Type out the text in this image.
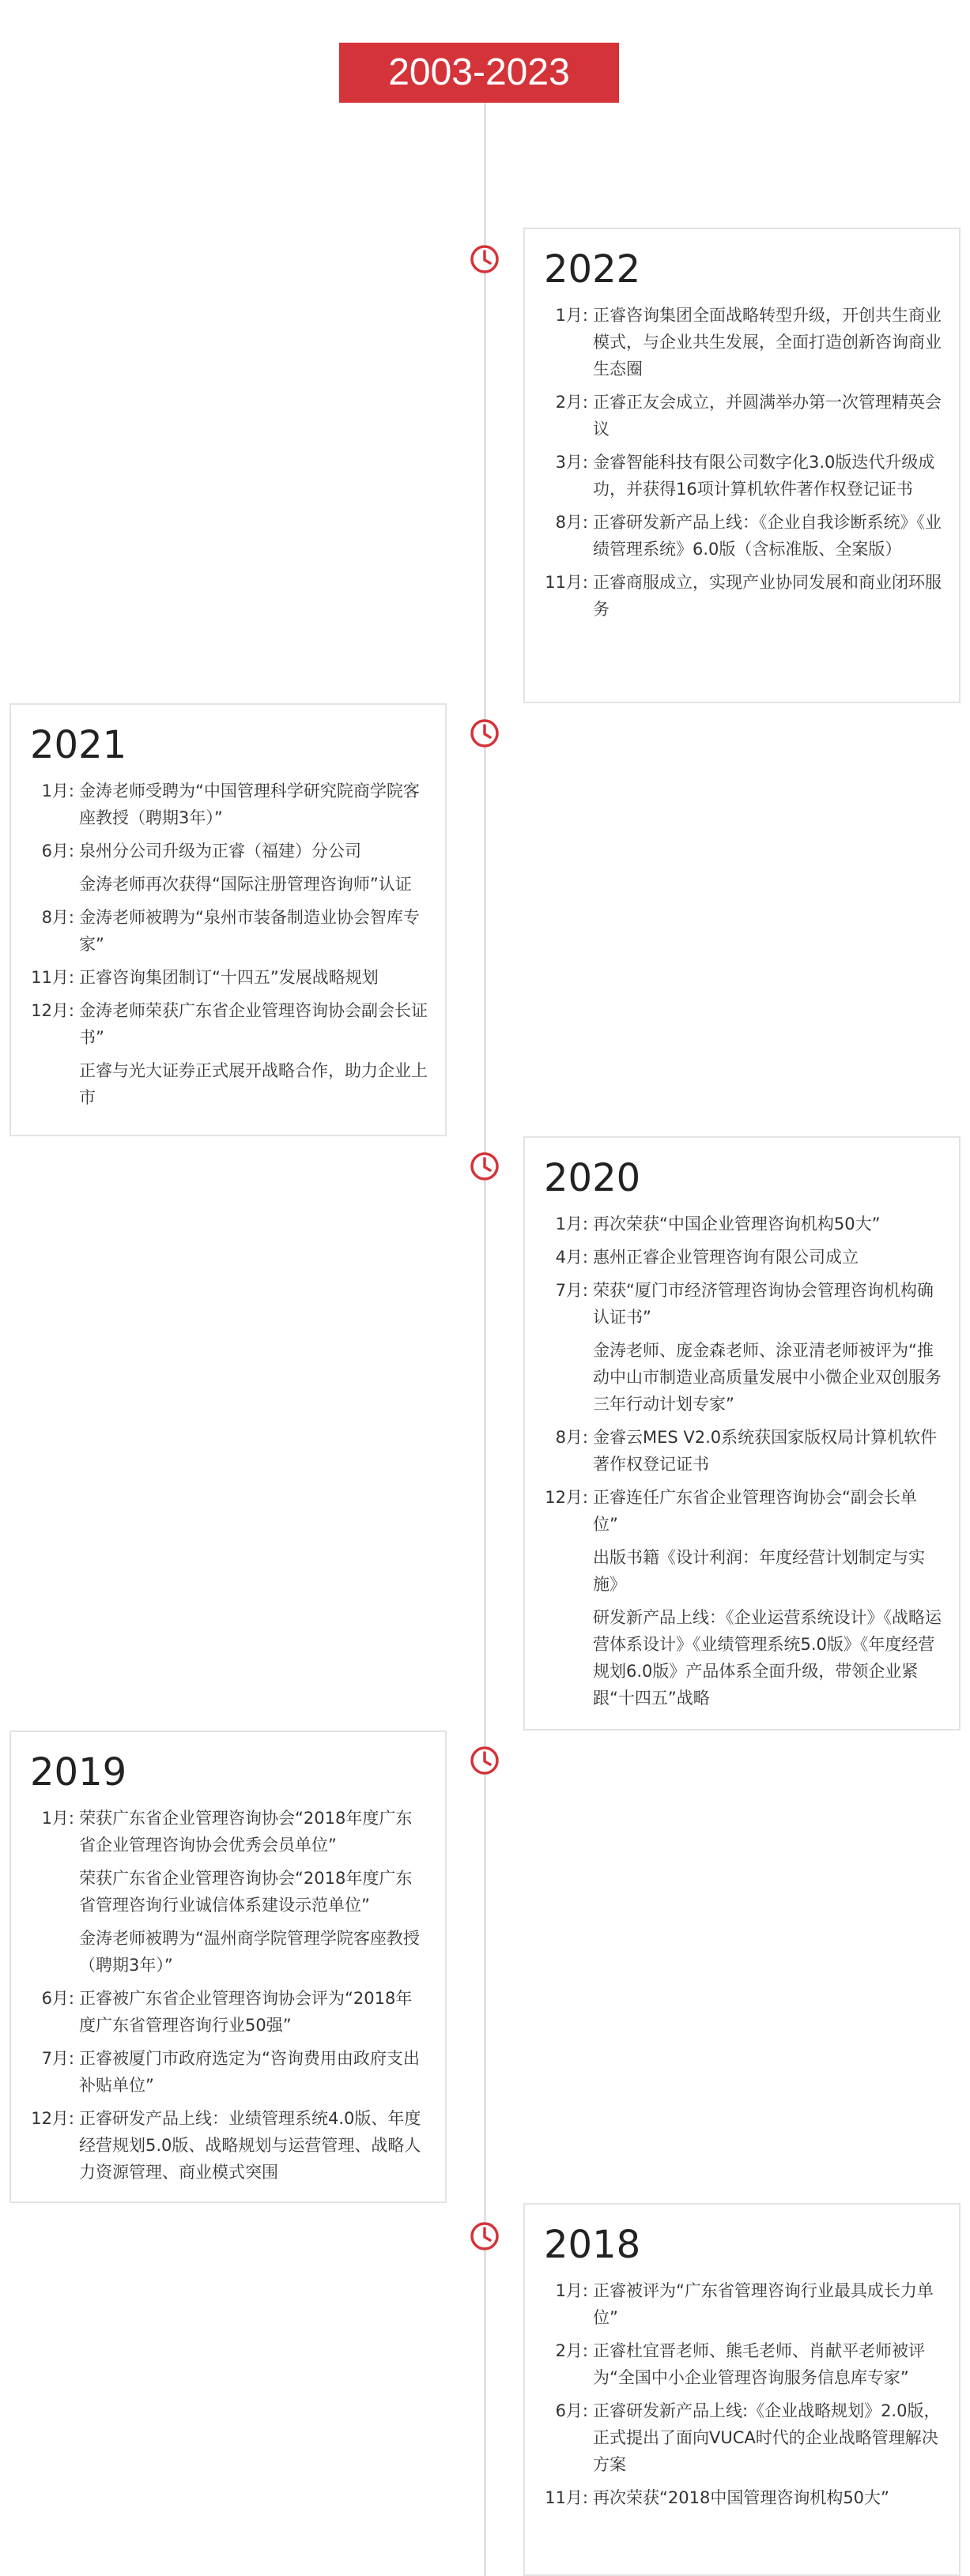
2003-2023
2022
1月: 正睿咨询集团全面战略转型升级，开创共生商业模式，与企业共生发展，全面打造创新咨询商业生态圈
2月: 正睿正友会成立，并圆满举办第一次管理精英会议
3月: 金睿智能科技有限公司数字化3.0版迭代升级成功，并获得16项计算机软件著作权登记证书
8月: 正睿研发新产品上线：《企业自我诊断系统》《业绩管理系统》6.0版（含标准版、全案版）
11月: 正睿商服成立，实现产业协同发展和商业闭环服务
2021
1月: 金涛老师受聘为“中国管理科学研究院商学院客座教授（聘期3年）”
6月: 泉州分公司升级为正睿（福建）分公司
金涛老师再次获得“国际注册管理咨询师”认证
8月: 金涛老师被聘为“泉州市装备制造业协会智库专家”
11月: 正睿咨询集团制订“十四五”发展战略规划
12月: 金涛老师荣获广东省企业管理咨询协会副会长证书”
正睿与光大证券正式展开战略合作，助力企业上市
2020
1月: 再次荣获“中国企业管理咨询机构50大”
4月: 惠州正睿企业管理咨询有限公司成立
7月: 荣获“厦门市经济管理咨询协会管理咨询机构确认证书”
金涛老师、庞金森老师、涂亚清老师被评为“推动中山市制造业高质量发展中小微企业双创服务三年行动计划专家”
8月: 金睿云MES V2.0系统获国家版权局计算机软件著作权登记证书
12月: 正睿连任广东省企业管理咨询协会“副会长单位”
出版书籍《设计利润：年度经营计划制定与实施》
研发新产品上线：《企业运营系统设计》《战略运营体系设计》《业绩管理系统5.0版》《年度经营规划6.0版》产品体系全面升级，带领企业紧跟“十四五”战略
2019
1月: 荣获广东省企业管理咨询协会“2018年度广东省企业管理咨询协会优秀会员单位”
荣获广东省企业管理咨询协会“2018年度广东省管理咨询行业诚信体系建设示范单位”
金涛老师被聘为“温州商学院管理学院客座教授（聘期3年）”
6月: 正睿被广东省企业管理咨询协会评为“2018年度广东省管理咨询行业50强”
7月: 正睿被厦门市政府选定为“咨询费用由政府支出补贴单位”
12月: 正睿研发产品上线：业绩管理系统4.0版、年度经营规划5.0版、战略规划与运营管理、战略人力资源管理、商业模式突围
2018
1月: 正睿被评为“广东省管理咨询行业最具成长力单位”
2月: 正睿杜宜晋老师、熊毛老师、肖献平老师被评为“全国中小企业管理咨询服务信息库专家”
6月: 正睿研发新产品上线:《企业战略规划》2.0版，正式提出了面向VUCA时代的企业战略管理解决方案
11月: 再次荣获“2018中国管理咨询机构50大”
